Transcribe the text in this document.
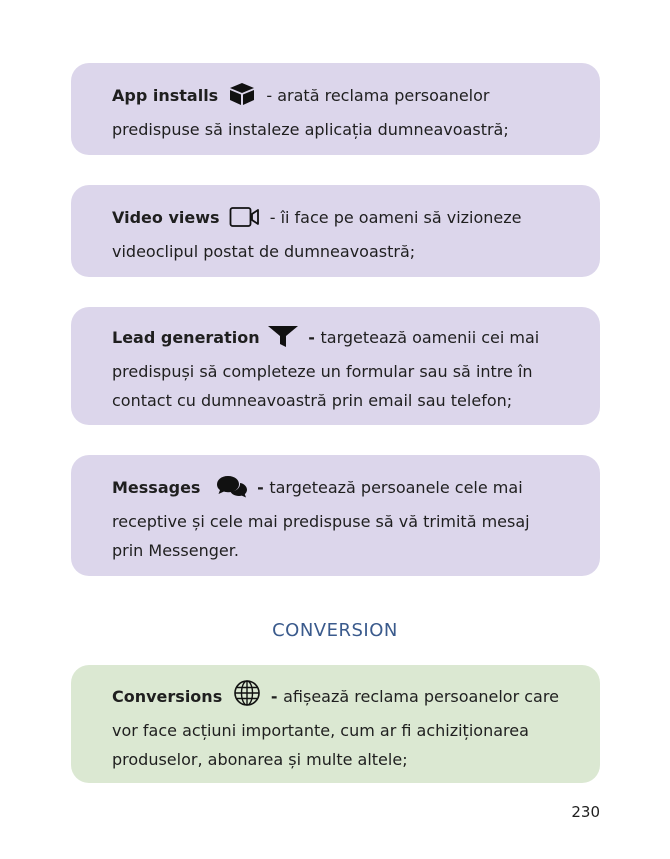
App installs	- arată reclama persoanelor predispuse să instaleze aplicația dumneavoastră;
Video views	- îi face pe oameni să vizioneze videoclipul postat de dumneavoastră;
Lead generation	- targetează oamenii cei mai predispuși să completeze un formular sau să intre în contact cu dumneavoastră prin email sau telefon;
Messages	- targetează persoanele cele mai receptive și cele mai predispuse să vă trimită mesaj prin Messenger.
CONVERSION
Conversions	- afișează reclama persoanelor care vor face acțiuni importante, cum ar fi achiziționarea produselor, abonarea și multe altele;
230
